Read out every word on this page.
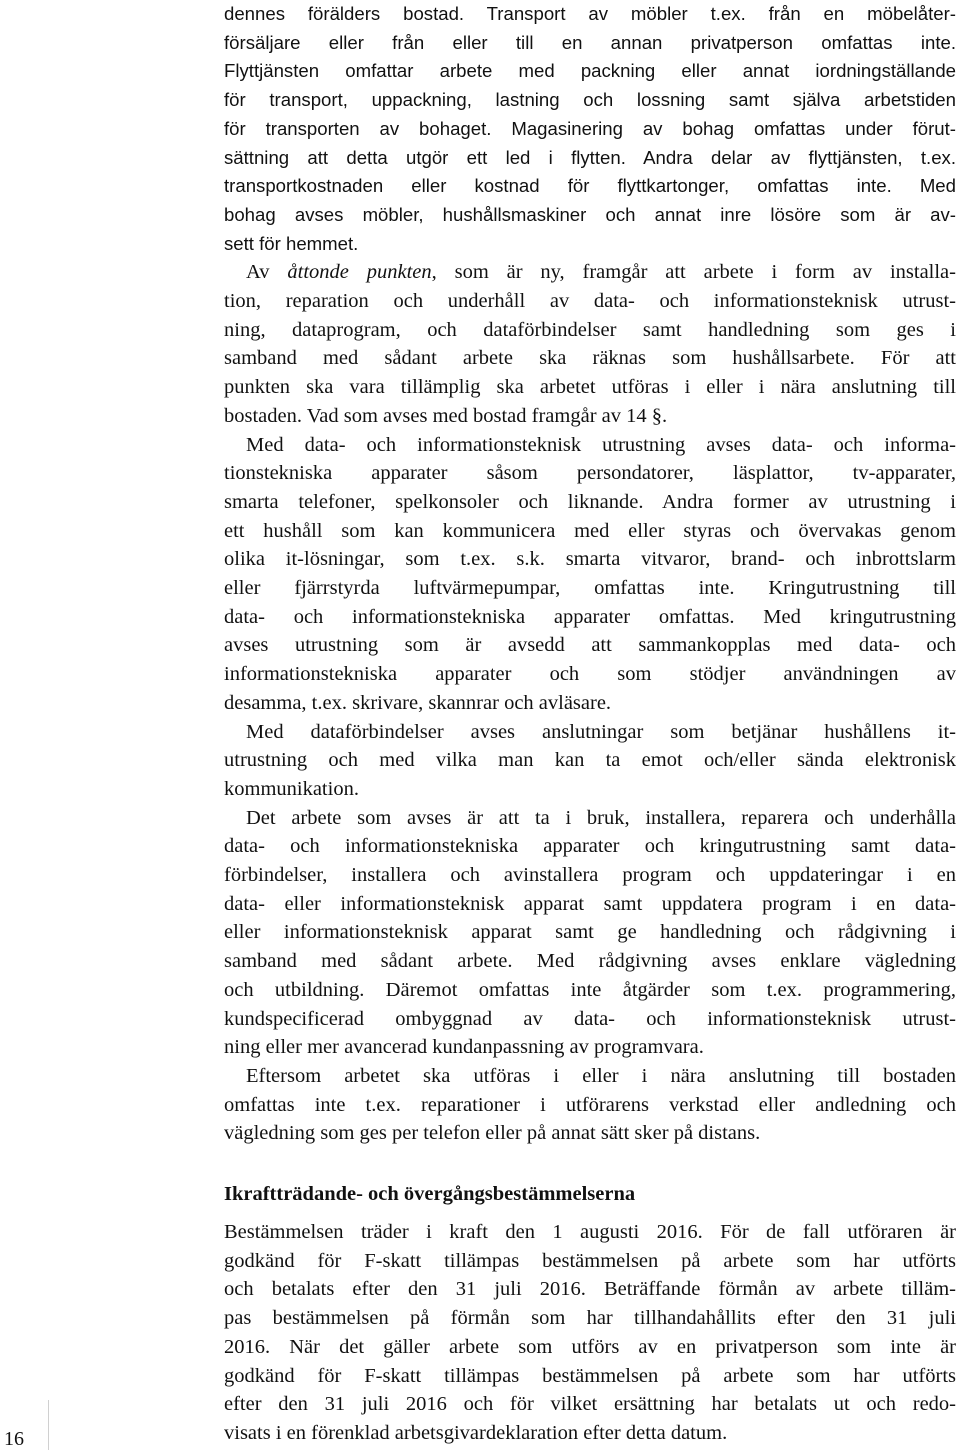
dennes förälders bostad. Transport av möbler t.ex. från en möbelåter-
försäljare eller från eller till en annan privatperson omfattas inte.
Flyttjänsten omfattar arbete med packning eller annat iordningställande
för transport, uppackning, lastning och lossning samt själva arbetstiden
för transporten av bohaget. Magasinering av bohag omfattas under förut-
sättning att detta utgör ett led i flytten. Andra delar av flyttjänsten, t.ex.
transportkostnaden eller kostnad för flyttkartonger, omfattas inte. Med
bohag avses möbler, hushållsmaskiner och annat inre lösöre som är av-
sett för hemmet.
Av åttonde punkten, som är ny, framgår att arbete i form av installa-
tion, reparation och underhåll av data- och informationsteknisk utrust-
ning, dataprogram, och dataförbindelser samt handledning som ges i
samband med sådant arbete ska räknas som hushållsarbete. För att
punkten ska vara tillämplig ska arbetet utföras i eller i nära anslutning till
bostaden. Vad som avses med bostad framgår av 14 §.
Med data- och informationsteknisk utrustning avses data- och informa-
tionstekniska apparater såsom persondatorer, läsplattor, tv-apparater,
smarta telefoner, spelkonsoler och liknande. Andra former av utrustning i
ett hushåll som kan kommunicera med eller styras och övervakas genom
olika it-lösningar, som t.ex. s.k. smarta vitvaror, brand- och inbrottslarm
eller fjärrstyrda luftvärmepumpar, omfattas inte. Kringutrustning till
data- och informationstekniska apparater omfattas. Med kringutrustning
avses utrustning som är avsedd att sammankopplas med data- och
informationstekniska apparater och som stödjer användningen av
desamma, t.ex. skrivare, skannrar och avläsare.
Med dataförbindelser avses anslutningar som betjänar hushållens it-
utrustning och med vilka man kan ta emot och/eller sända elektronisk
kommunikation.
Det arbete som avses är att ta i bruk, installera, reparera och underhålla
data- och informationstekniska apparater och kringutrustning samt data-
förbindelser, installera och avinstallera program och uppdateringar i en
data- eller informationsteknisk apparat samt uppdatera program i en data-
eller informationsteknisk apparat samt ge handledning och rådgivning i
samband med sådant arbete. Med rådgivning avses enklare vägledning
och utbildning. Däremot omfattas inte åtgärder som t.ex. programmering,
kundspecificerad ombyggnad av data- och informationsteknisk utrust-
ning eller mer avancerad kundanpassning av programvara.
Eftersom arbetet ska utföras i eller i nära anslutning till bostaden
omfattas inte t.ex. reparationer i utförarens verkstad eller andledning och
vägledning som ges per telefon eller på annat sätt sker på distans.
Ikraftträdande- och övergångsbestämmelserna
Bestämmelsen träder i kraft den 1 augusti 2016. För de fall utföraren är
godkänd för F-skatt tillämpas bestämmelsen på arbete som har utförts
och betalats efter den 31 juli 2016. Beträffande förmån av arbete tilläm-
pas bestämmelsen på förmån som har tillhandahållits efter den 31 juli
2016. När det gäller arbete som utförs av en privatperson som inte är
godkänd för F-skatt tillämpas bestämmelsen på arbete som har utförts
efter den 31 juli 2016 och för vilket ersättning har betalats ut och redo-
visats i en förenklad arbetsgivardeklaration efter detta datum.
16
